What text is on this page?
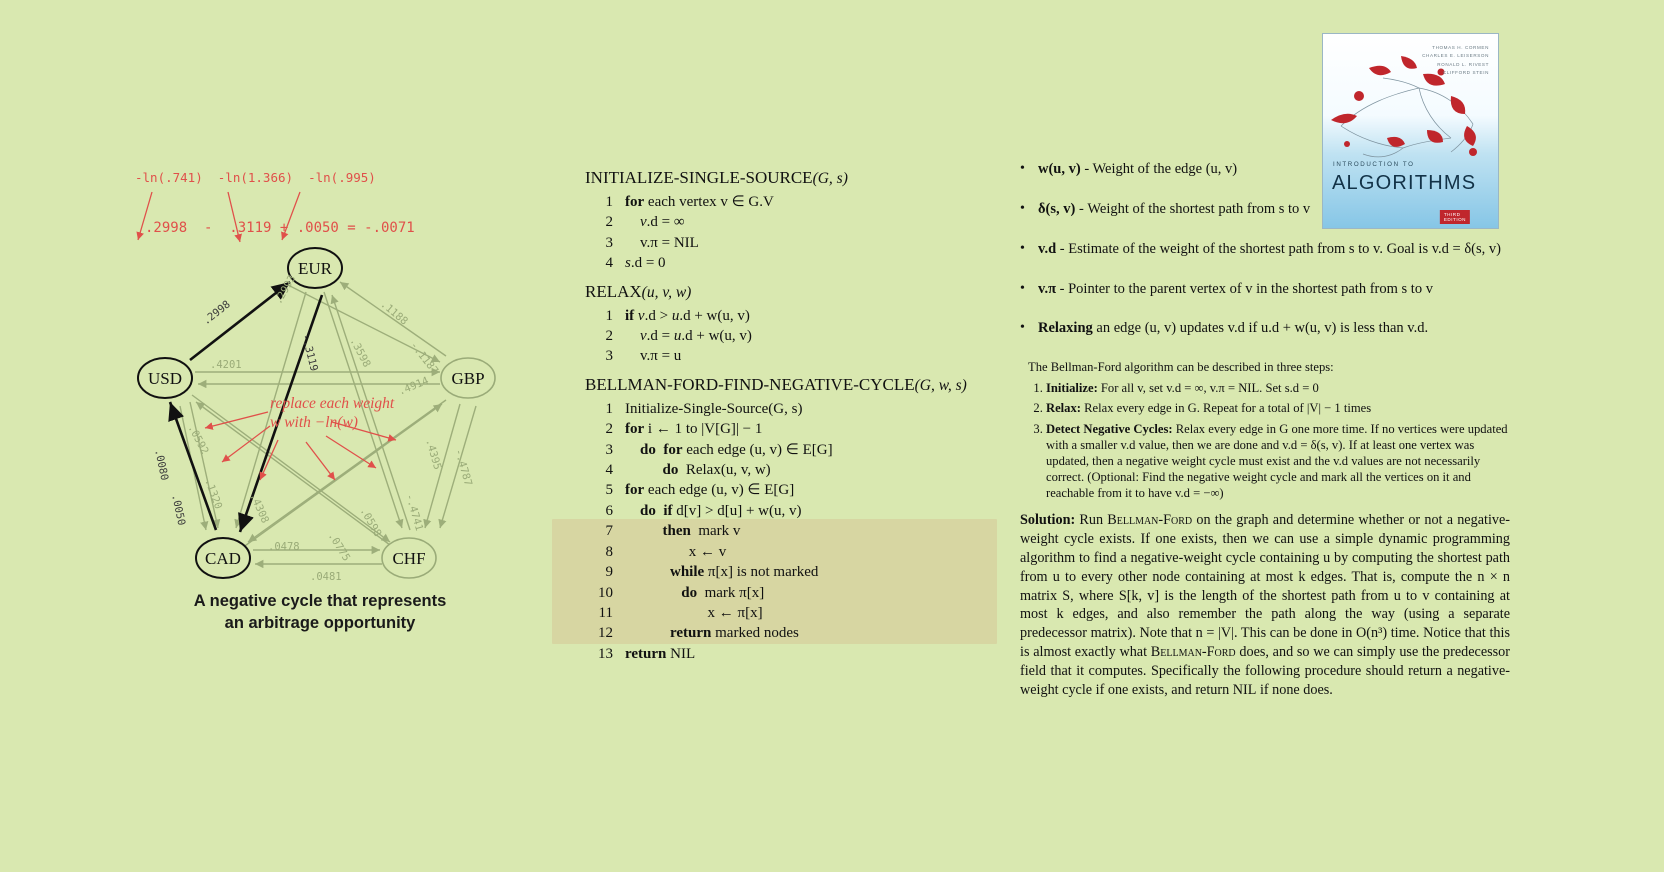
-ln(.741)  -ln(1.366)  -ln(.995)
.2998  -  .3119 + .0050 = -.0071
EUR
USD	GBP
CAD	CHF
.2998
-.3119
.0080
.0050
.2993
.1188
.4201
.0592
.3598	-.1187
.4914
.4395 -.4787
.1320 .4308	.0598 -.4741
.0775
.0478
.0481
replace each weight w with −ln(w)
A negative cycle that represents
an arbitrage opportunity
INITIALIZE-SINGLE-SOURCE(G, s)
1 for each vertex v ∈ G.V
2	v.d = ∞
3 v.π = NIL
4 s.d = 0
RELAX(u, v, w)
1 if v.d > u.d + w(u, v)
2	v.d = u.d + w(u, v)
3 v.π = u
BELLMAN-FORD-FIND-NEGATIVE-CYCLE(G, w, s)
1 Initialize-Single-Source(G, s)
2 for i ← 1 to |V[G]| − 1
3	do for each edge (u, v) ∈ E[G]
4	do  Relax(u, v, w)
5 for each edge (u, v) ∈ E[G]
6	do if d[v] > d[u] + w(u, v)
7	then  mark v
8 x ← v
9	while π[x] is not marked
10	do  mark π[x]
11 x ← π[x]
12	return marked nodes
13 return NIL
• w(u, v) - Weight of the edge (u, v)
• δ(s, v) - Weight of the shortest path from s to v
• v.d - Estimate of the weight of the shortest path from s to v. Goal is v.d = δ(s, v)
• v.π - Pointer to the parent vertex of v in the shortest path from s to v
• Relaxing an edge (u, v) updates v.d if u.d + w(u, v) is less than v.d.

The Bellman-Ford algorithm can be described in three steps:

1. Initialize: For all v, set v.d = ∞, v.π = NIL. Set s.d = 0
2. Relax: Relax every edge in G. Repeat for a total of |V| − 1 times
3. Detect Negative Cycles: Relax every edge in G one more time. If no vertices were updated with a smaller v.d value, then we are done and v.d = δ(s, v). If at least one vertex was updated, then a negative weight cycle must exist and the v.d values are not necessarily correct. (Optional: Find the negative weight cycle and mark all the vertices on it and reachable from it to have v.d = −∞)
Solution: Run Bellman-Ford on the graph and determine whether or not a negative-weight cycle exists. If one exists, then we can use a simple dynamic programming algorithm to find a negative-weight cycle containing u by computing the shortest path from u to every other node containing at most k edges. That is, compute the n × n matrix S, where S[k, v] is the length of the shortest path from u to v containing at most k edges, and also remember the path along the way (using a separate predecessor matrix). Note that n = |V|. This can be done in O(n³) time. Notice that this is almost exactly what Bellman-Ford does, and so we can simply use the predecessor field that it computes. Specifically the following procedure should return a negative-weight cycle if one exists, and return NIL if none does.
THOMAS H. CORMEN
CHARLES E. LEISERSON
RONALD L. RIVEST
CLIFFORD STEIN
INTRODUCTION TO
ALGORITHMS
THIRD EDITION
